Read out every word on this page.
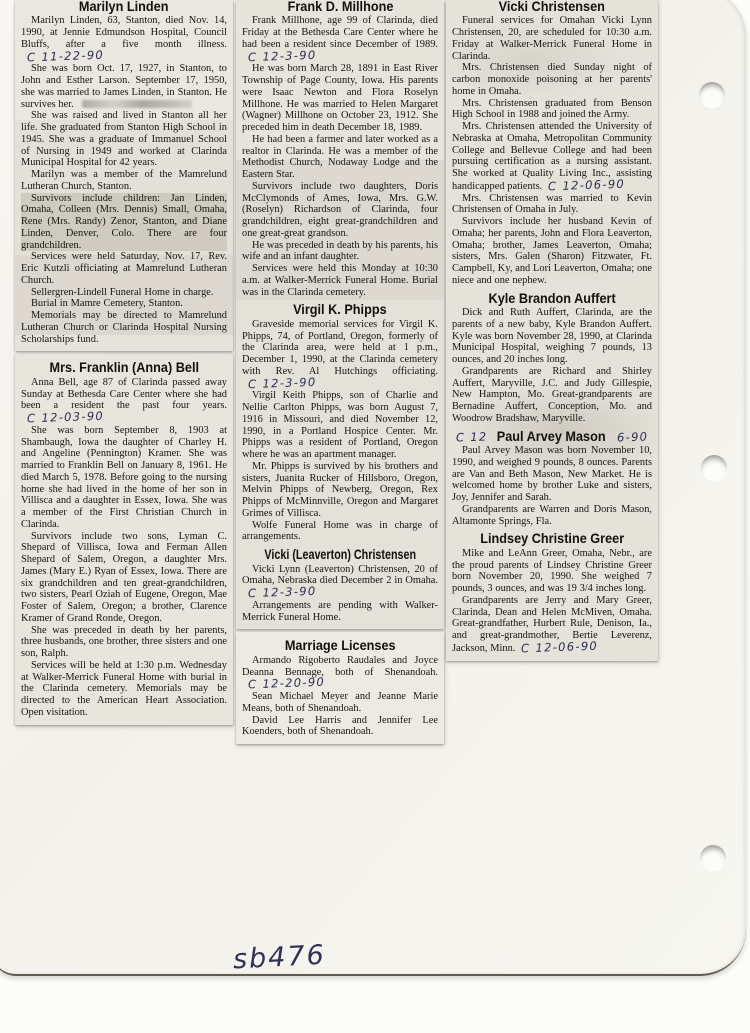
Marilyn Linden

Marilyn Linden, 63, Stanton, died Nov. 14, 1990, at Jennie Edmundson Hospital, Council Bluffs, after a five month illness.C 11-22-90

She was born Oct. 17, 1927, in Stanton, to John and Esther Larson. September 17, 1950, she was married to James Linden, in Stanton. He survives her.

She was raised and lived in Stanton all her life. She graduated from Stanton High School in 1945. She was a graduate of Immanuel School of Nursing in 1949 and worked at Clarinda Municipal Hospital for 42 years.

Marilyn was a member of the Mamrelund Lutheran Church, Stanton.

Survivors include children: Jan Linden, Omaha, Colleen (Mrs. Dennis) Small, Omaha, Rene (Mrs. Randy) Zenor, Stanton, and Diane Linden, Denver, Colo. There are four grandchildren.

Services were held Saturday, Nov. 17, Rev. Eric Kutzli officiating at Mamrelund Lutheran Church.

Sellergren-Lindell Funeral Home in charge.

Burial in Mamre Cemetery, Stanton.

Memorials may be directed to Mamrelund Lutheran Church or Clarinda Hospital Nursing Scholarships fund.

Mrs. Franklin (Anna) Bell

Anna Bell, age 87 of Clarinda passed away Sunday at Bethesda Care Center where she had been a resident the past four years.C 12-03-90

She was born September 8, 1903 at Shambaugh, Iowa the daughter of Charley H. and Angeline (Pennington) Kramer. She was married to Franklin Bell on January 8, 1961. He died March 5, 1978. Before going to the nursing home she had lived in the home of her son in Villisca and a daughter in Essex, Iowa. She was a member of the First Christian Church in Clarinda.

Survivors include two sons, Lyman C. Shepard of Villisca, Iowa and Ferman Allen Shepard of Salem, Oregon, a daughter Mrs. James (Mary E.) Ryan of Essex, Iowa. There are six grandchildren and ten great-grandchildren, two sisters, Pearl Oziah of Eugene, Oregon, Mae Foster of Salem, Oregon; a brother, Clarence Kramer of Grand Ronde, Oregon.

She was preceded in death by her parents, three husbands, one brother, three sisters and one son, Ralph.

Services will be held at 1:30 p.m. Wednesday at Walker-Merrick Funeral Home with burial in the Clarinda cemetery. Memorials may be directed to the American Heart Association. Open visitation.

Frank D. Millhone

Frank Millhone, age 99 of Clarinda, died Friday at the Bethesda Care Center where he had been a resident since December of 1989.C 12-3-90

He was born March 28, 1891 in East River Township of Page County, Iowa. His parents were Isaac Newton and Flora Roselyn Millhone. He was married to Helen Margaret (Wagner) Millhone on October 23, 1912. She preceded him in death December 18, 1989.

He had been a farmer and later worked as a realtor in Clarinda. He was a member of the Methodist Church, Nodaway Lodge and the Eastern Star.

Survivors include two daughters, Doris McClymonds of Ames, Iowa, Mrs. G.W. (Roselyn) Richardson of Clarinda, four grandchildren, eight great-grandchildren and one great-great grandson.

He was preceded in death by his parents, his wife and an infant daughter.

Services were held this Monday at 10:30 a.m. at Walker-Merrick Funeral Home. Burial was in the Clarinda cemetery.

Virgil K. Phipps

Graveside memorial services for Virgil K. Phipps, 74, of Portland, Oregon, formerly of the Clarinda area, were held at 1 p.m., December 1, 1990, at the Clarinda cemetery with Rev. Al Hutchings officiating.C 12-3-90

Virgil Keith Phipps, son of Charlie and Nellie Carlton Phipps, was born August 7, 1916 in Missouri, and died November 12, 1990, in a Portland Hospice Center. Mr. Phipps was a resident of Portland, Oregon where he was an apartment manager.

Mr. Phipps is survived by his brothers and sisters, Juanita Rucker of Hillsboro, Oregon, Melvin Phipps of Newberg, Oregon, Rex Phipps of McMinnville, Oregon and Margaret Grimes of Villisca.

Wolfe Funeral Home was in charge of arrangements.

Vicki (Leaverton) Christensen

Vicki Lynn (Leaverton) Christensen, 20 of Omaha, Nebraska died December 2 in Omaha.C 12-3-90

Arrangements are pending with Walker-Merrick Funeral Home.

Marriage Licenses

Armando Rigoberto Raudales and Joyce Deanna Bennage, both of Shenandoah.C 12-20-90

Sean Michael Meyer and Jeanne Marie Means, both of Shenandoah.

David Lee Harris and Jennifer Lee Koenders, both of Shenandoah.

Vicki Christensen

Funeral services for Omahan Vicki Lynn Christensen, 20, are scheduled for 10:30 a.m. Friday at Walker-Merrick Funeral Home in Clarinda.

Mrs. Christensen died Sunday night of carbon monoxide poisoning at her parents' home in Omaha.

Mrs. Christensen graduated from Benson High School in 1988 and joined the Army.

Mrs. Christensen attended the University of Nebraska at Omaha, Metropolitan Community College and Bellevue College and had been pursuing certification as a nursing assistant. She worked at Quality Living Inc., assisting handicapped patients. C 12-06-90

Mrs. Christensen was married to Kevin Christensen of Omaha in July.

Survivors include her husband Kevin of Omaha; her parents, John and Flora Leaverton, Omaha; brother, James Leaverton, Omaha; sisters, Mrs. Galen (Sharon) Fitzwater, Ft. Campbell, Ky, and Lori Leaverton, Omaha; one niece and one nephew.

Kyle Brandon Auffert

Dick and Ruth Auffert, Clarinda, are the parents of a new baby, Kyle Brandon Auffert. Kyle was born November 28, 1990, at Clarinda Municipal Hospital, weighing 7 pounds, 13 ounces, and 20 inches long.

Grandparents are Richard and Shirley Auffert, Maryville, J.C. and Judy Gillespie, New Hampton, Mo. Great-grandparents are Bernadine Auffert, Conception, Mo. and Woodrow Bradshaw, Maryville.

C 12 Paul Arvey Mason 6-90

Paul Arvey Mason was born November 10, 1990, and weighed 9 pounds, 8 ounces. Parents are Van and Beth Mason, New Market. He is welcomed home by brother Luke and sisters, Joy, Jennifer and Sarah.

Grandparents are Warren and Doris Mason, Altamonte Springs, Fla.

Lindsey Christine Greer

Mike and LeAnn Greer, Omaha, Nebr., are the proud parents of Lindsey Christine Greer born November 20, 1990. She weighed 7 pounds, 3 ounces, and was 19 3/4 inches long.

Grandparents are Jerry and Mary Greer, Clarinda, Dean and Helen McMiven, Omaha. Great-grandfather, Hurbert Rule, Denison, Ia., and great-grandmother, Bertie Leverenz, Jackson, Minn. C 12-06-90

sb476
